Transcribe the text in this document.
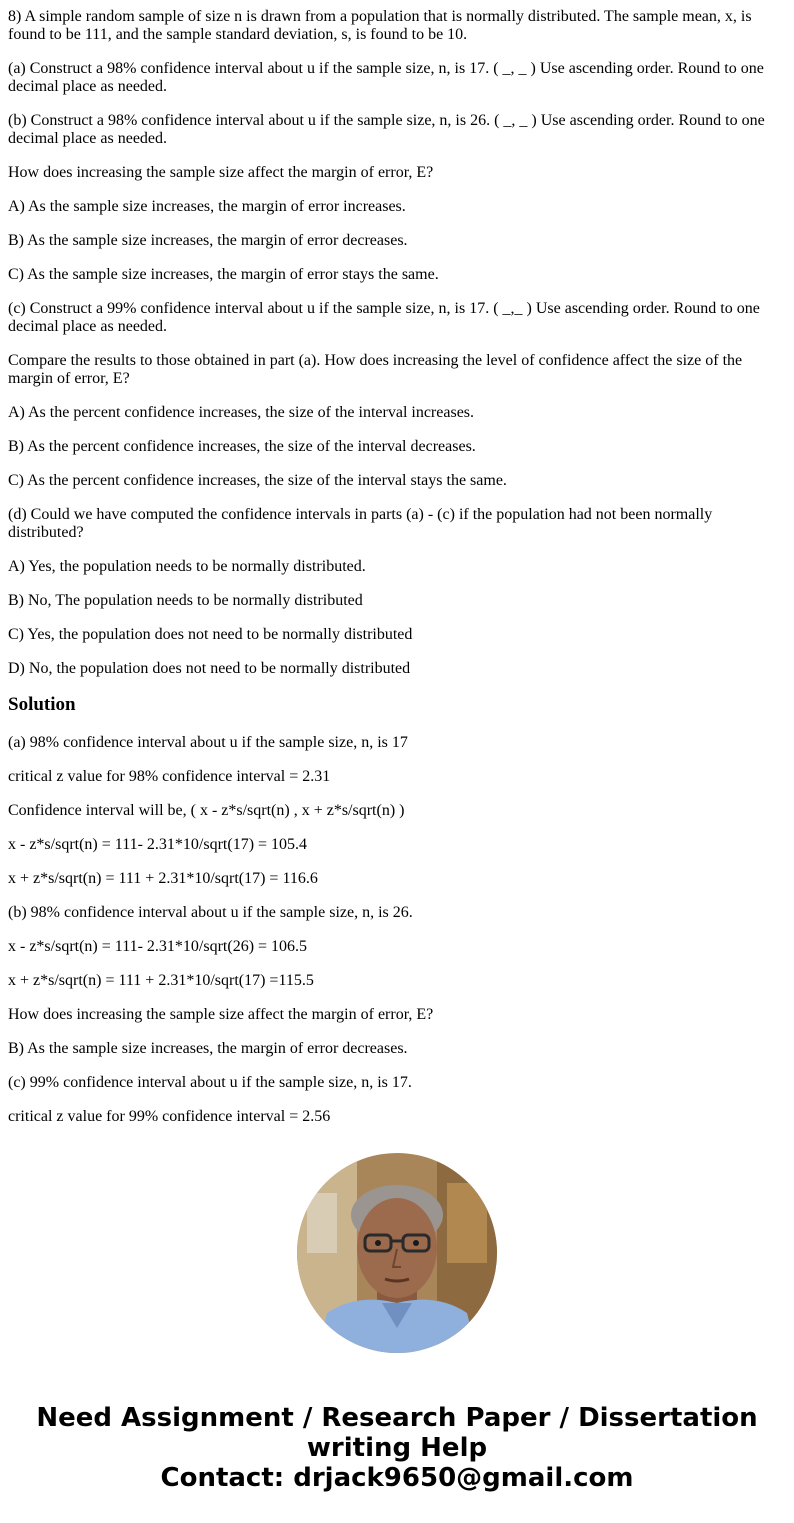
8) A simple random sample of size n is drawn from a population that is normally distributed. The sample mean, x, is found to be 111, and the sample standard deviation, s, is found to be 10.

(a) Construct a 98% confidence interval about u if the sample size, n, is 17. ( _, _ ) Use ascending order. Round to one decimal place as needed.

(b) Construct a 98% confidence interval about u if the sample size, n, is 26. ( _, _ ) Use ascending order. Round to one decimal place as needed.

How does increasing the sample size affect the margin of error, E?

A) As the sample size increases, the margin of error increases.

B) As the sample size increases, the margin of error decreases.

C) As the sample size increases, the margin of error stays the same.

(c) Construct a 99% confidence interval about u if the sample size, n, is 17. ( _,_ ) Use ascending order. Round to one decimal place as needed.

Compare the results to those obtained in part (a). How does increasing the level of confidence affect the size of the margin of error, E?

A) As the percent confidence increases, the size of the interval increases.

B) As the percent confidence increases, the size of the interval decreases.

C) As the percent confidence increases, the size of the interval stays the same.

(d) Could we have computed the confidence intervals in parts (a) - (c) if the population had not been normally distributed?

A) Yes, the population needs to be normally distributed.

B) No, The population needs to be normally distributed

C) Yes, the population does not need to be normally distributed

D) No, the population does not need to be normally distributed

Solution

(a) 98% confidence interval about u if the sample size, n, is 17

critical z value for 98% confidence interval = 2.31

Confidence interval will be, ( x - z*s/sqrt(n) , x + z*s/sqrt(n) )

x - z*s/sqrt(n) = 111- 2.31*10/sqrt(17) = 105.4

x + z*s/sqrt(n) = 111 + 2.31*10/sqrt(17) = 116.6

(b) 98% confidence interval about u if the sample size, n, is 26.

x - z*s/sqrt(n) = 111- 2.31*10/sqrt(26) = 106.5

x + z*s/sqrt(n) = 111 + 2.31*10/sqrt(17) =115.5

How does increasing the sample size affect the margin of error, E?

B) As the sample size increases, the margin of error decreases.

(c) 99% confidence interval about u if the sample size, n, is 17.

critical z value for 99% confidence interval = 2.56

Need Assignment / Research Paper / Dissertation
writing Help
Contact: drjack9650@gmail.com
